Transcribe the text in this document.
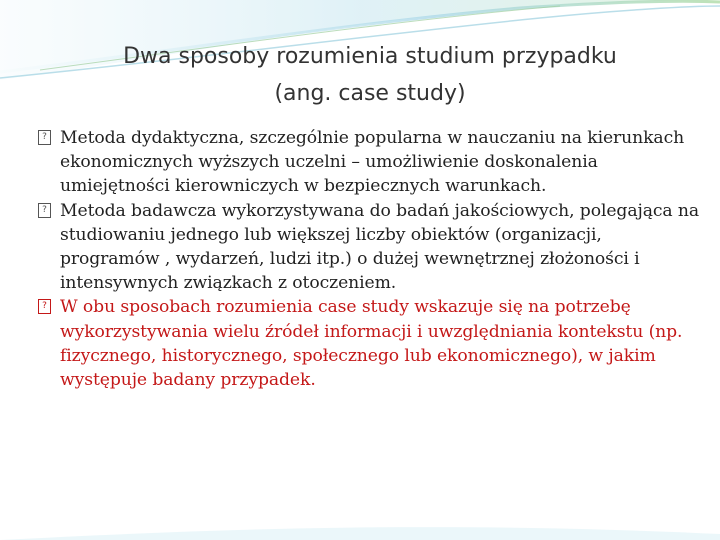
Dwa sposoby rozumienia studium przypadku
(ang. case study)
?
Metoda dydaktyczna, szczególnie popularna w nauczaniu na kierunkach ekonomicznych wyższych uczelni – umożliwienie doskonalenia umiejętności kierowniczych w bezpiecznych warunkach.
?
Metoda badawcza wykorzystywana do badań jakościowych, polegająca na studiowaniu jednego lub większej liczby obiektów (organizacji, programów , wydarzeń, ludzi itp.) o dużej wewnętrznej złożoności i intensywnych związkach z otoczeniem.
?
W obu sposobach rozumienia case study wskazuje się na potrzebę wykorzystywania wielu źródeł informacji i uwzględniania kontekstu (np. fizycznego, historycznego, społecznego lub ekonomicznego), w jakim występuje badany przypadek.
